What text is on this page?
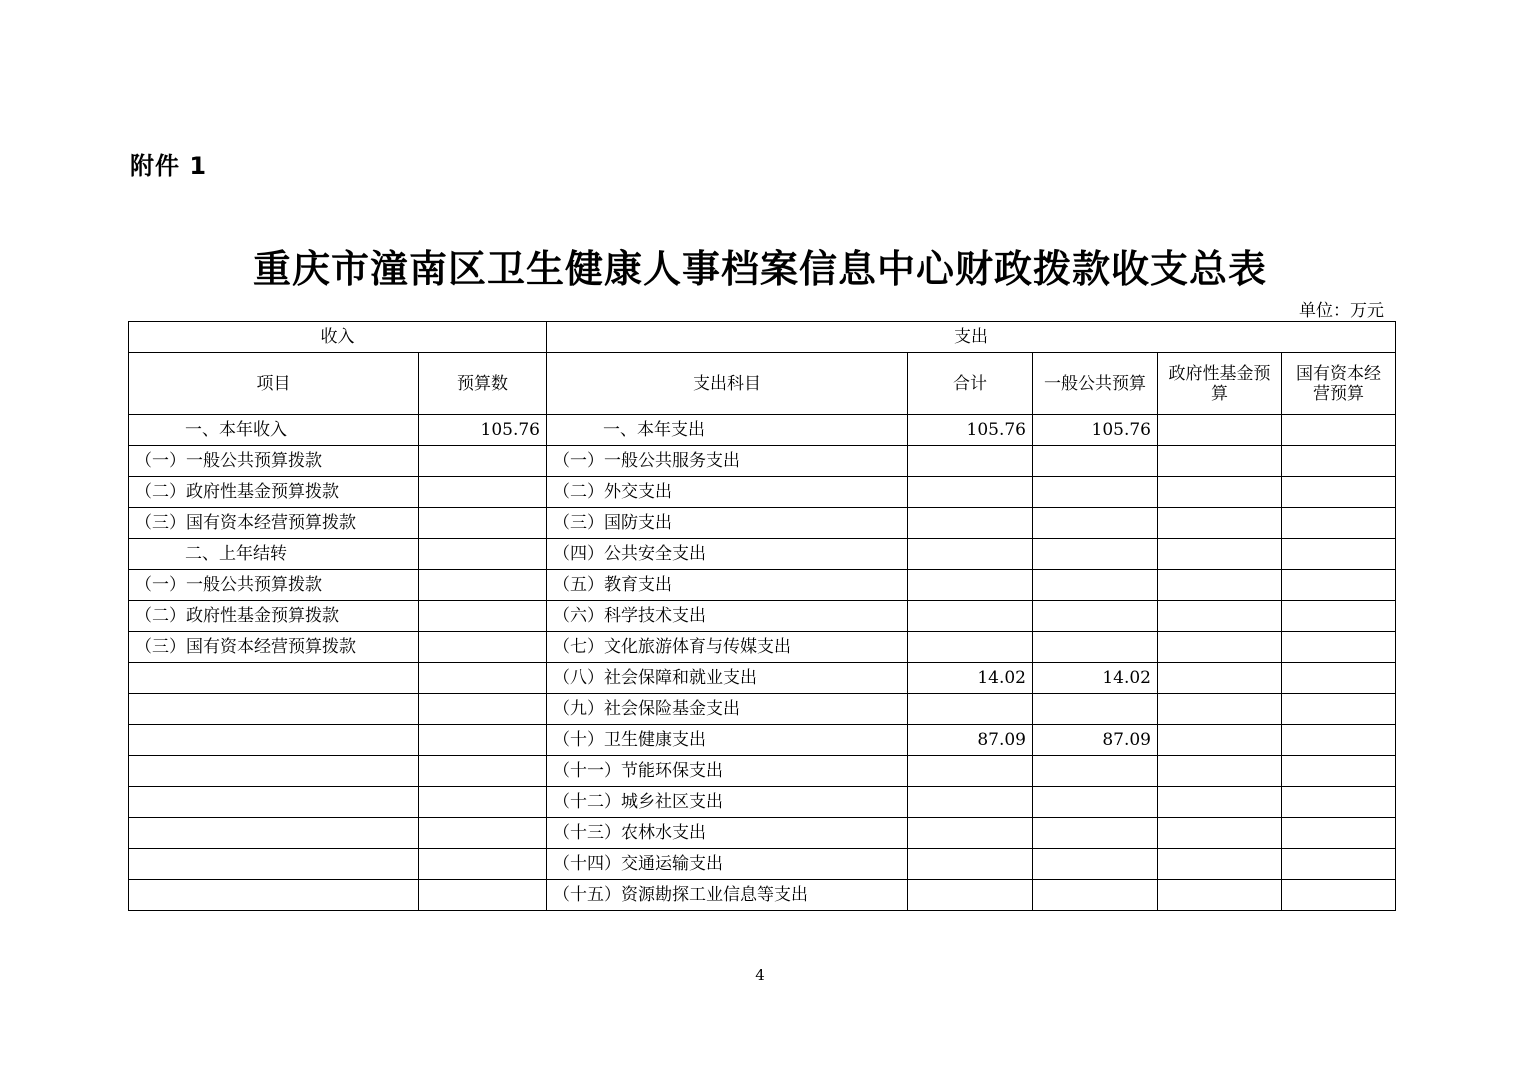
附件 1
重庆市潼南区卫生健康人事档案信息中心财政拨款收支总表
单位：万元
收入		支出				
项目	预算数	支出科目	合计	一般公共预算	政府性基金预算	国有资本经营预算
一、本年收入	105.76	一、本年支出	105.76	105.76		
（一）一般公共预算拨款		（一）一般公共服务支出				
（二）政府性基金预算拨款		（二）外交支出				
（三）国有资本经营预算拨款		（三）国防支出				
二、上年结转		（四）公共安全支出				
（一）一般公共预算拨款		（五）教育支出				
（二）政府性基金预算拨款		（六）科学技术支出				
（三）国有资本经营预算拨款		（七）文化旅游体育与传媒支出				
		（八）社会保障和就业支出	14.02	14.02		
		（九）社会保险基金支出				
		（十）卫生健康支出	87.09	87.09		
		（十一）节能环保支出				
		（十二）城乡社区支出				
		（十三）农林水支出				
		（十四）交通运输支出				
		（十五）资源勘探工业信息等支出				
4
